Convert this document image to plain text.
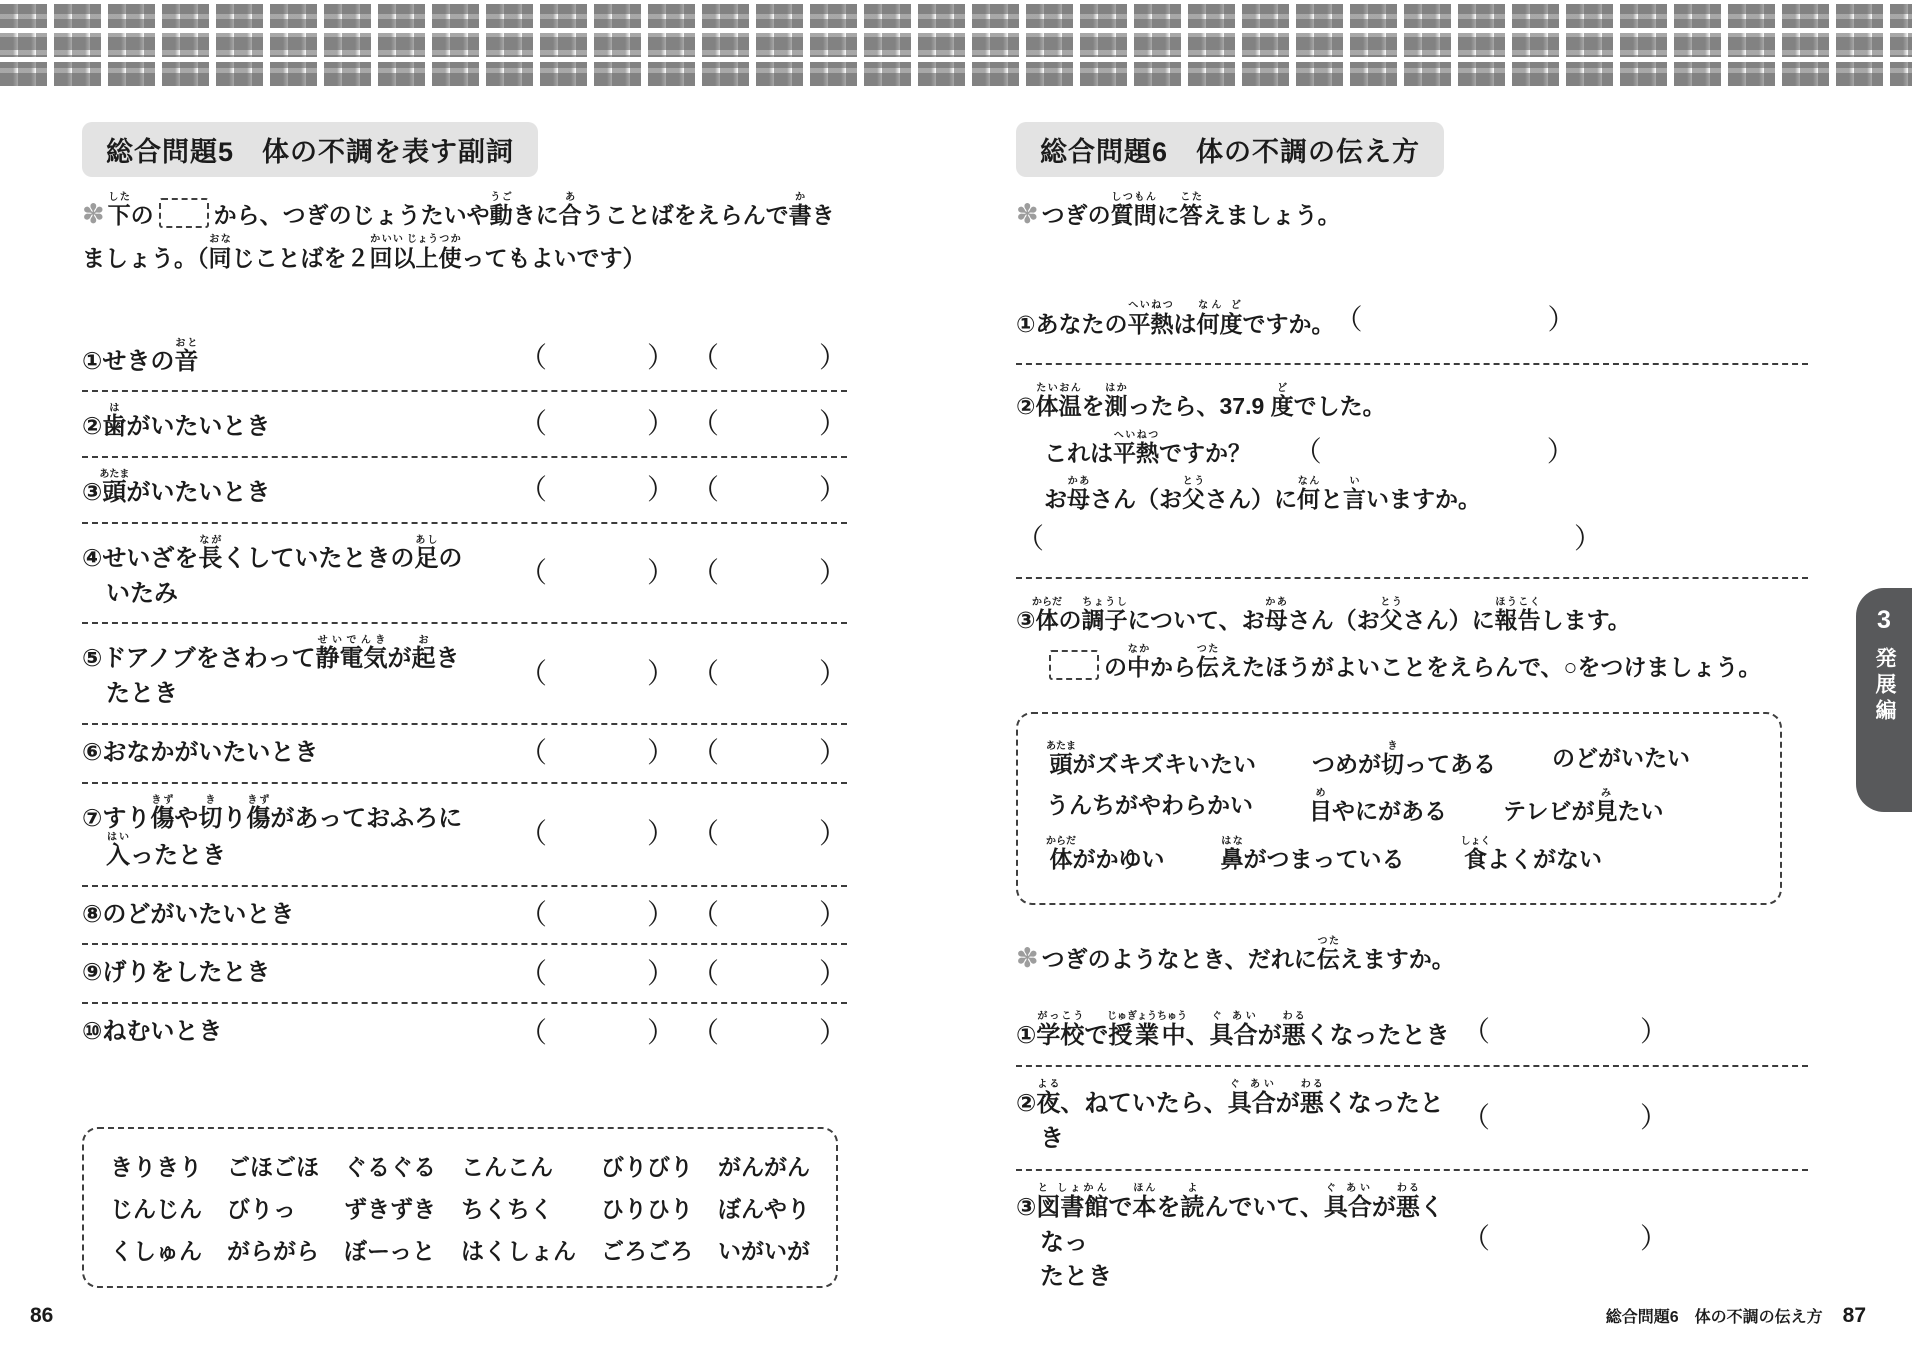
総合問題5　体の不調を表す副詞

✽ 下したの	から、つぎのじょうたいや動うごきに合あうことばをえらんで書かきましょう。（同おなじことばを２回かい以上い じょう使つかってもよいです）

①せきの音おと	（	） （	）
②歯はがいたいとき	（	） （	）
③頭あたまがいたいとき	（	） （	）
④せいざを長ながくしていたときの足あしの
いたみ
（	） （	）
⑤ドアノブをさわって静電気せいでんきが起おき
たとき
（	） （	）
⑥おなかがいたいとき	（	） （	）
⑦すり傷きずや切きり傷きずがあっておふろに
入はいったとき
（	） （	）
⑧のどがいたいとき	（	） （	）
⑨げりをしたとき	（	） （	）
⑩ねむいとき	（	） （	）
きりきり ごほごほ ぐるぐる こんこん	びりびり がんがん
じんじん びりっ	ずきずき ちくちく	ひりひり ぼんやり
くしゅん がらがら ぼーっと はくしょん ごろごろ いがいが
総合問題6　体の不調の伝え方

✽ つぎの質問しつもんに答こたえましょう。

①あなたの平熱へいねつは何度なん どですか。 （	）
②体温たいおんを測はかったら、37.9 度どでした。
これは平熱へいねつですか？ （	）
お母かあさん（お父とうさん）に何なんと言いいますか。
（	）
③体からだの調子ちょうしについて、お母かあさん（お父とうさん）に報告ほうこくします。
の中なかから伝つたえたほうがよいことをえらんで、○をつけましょう。
頭あたまがズキズキいたい つめが切きってある のどがいたい
うんちがやわらかい 目めやにがある テレビが見みたい
体からだがかゆい 鼻はながつまっている 食しょくよくがない

✽ つぎのようなとき、だれに伝つたえますか。

①学校がっこうで授業中じゅぎょうちゅう、具合ぐ あいが悪わるくなったとき （	）
②夜よる、ねていたら、具合ぐ あいが悪わるくなったとき
（	）
③図書館と しょかんで本ほんを読よんでいて、具合ぐ あいが悪わるくなっ
たとき
（	）
3
発展編
86	総合問題6　体の不調の伝え方 87
